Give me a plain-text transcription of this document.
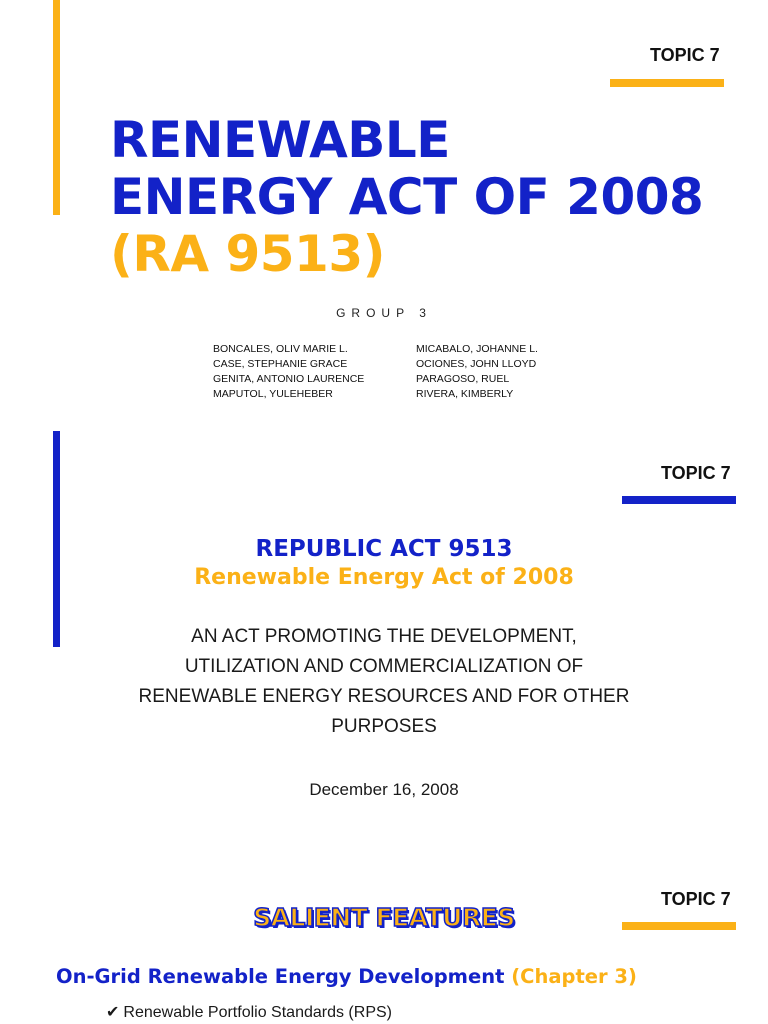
TOPIC 7
RENEWABLE
ENERGY ACT OF 2008
(RA 9513)
GROUP 3
BONCALES, OLIV MARIE L.
CASE, STEPHANIE GRACE
GENITA, ANTONIO LAURENCE
MAPUTOL, YULEHEBER
MICABALO, JOHANNE L.
OCIONES, JOHN LLOYD
PARAGOSO, RUEL
RIVERA, KIMBERLY
TOPIC 7
REPUBLIC ACT 9513
Renewable Energy Act of 2008
AN ACT PROMOTING THE DEVELOPMENT,
UTILIZATION AND COMMERCIALIZATION OF
RENEWABLE ENERGY RESOURCES AND FOR OTHER
PURPOSES
December 16, 2008
TOPIC 7
SALIENT FEATURES
On-Grid Renewable Energy Development (Chapter 3)
✔ Renewable Portfolio Standards (RPS)
